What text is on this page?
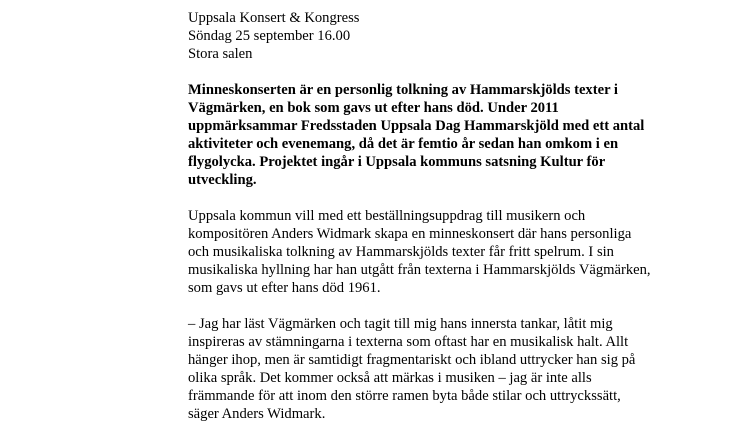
Uppsala Konsert & Kongress
Söndag 25 september 16.00
Stora salen
Minneskonserten är en personlig tolkning av Hammarskjölds texter i
Vägmärken, en bok som gavs ut efter hans död. Under 2011
uppmärksammar Fredsstaden Uppsala Dag Hammarskjöld med ett antal
aktiviteter och evenemang, då det är femtio år sedan han omkom i en
flygolycka. Projektet ingår i Uppsala kommuns satsning Kultur för
utveckling.
Uppsala kommun vill med ett beställningsuppdrag till musikern och
kompositören Anders Widmark skapa en minneskonsert där hans personliga
och musikaliska tolkning av Hammarskjölds texter får fritt spelrum. I sin
musikaliska hyllning har han utgått från texterna i Hammarskjölds Vägmärken,
som gavs ut efter hans död 1961.
– Jag har läst Vägmärken och tagit till mig hans innersta tankar, låtit mig
inspireras av stämningarna i texterna som oftast har en musikalisk halt. Allt
hänger ihop, men är samtidigt fragmentariskt och ibland uttrycker han sig på
olika språk. Det kommer också att märkas i musiken – jag är inte alls
främmande för att inom den större ramen byta både stilar och uttryckssätt,
säger Anders Widmark.
